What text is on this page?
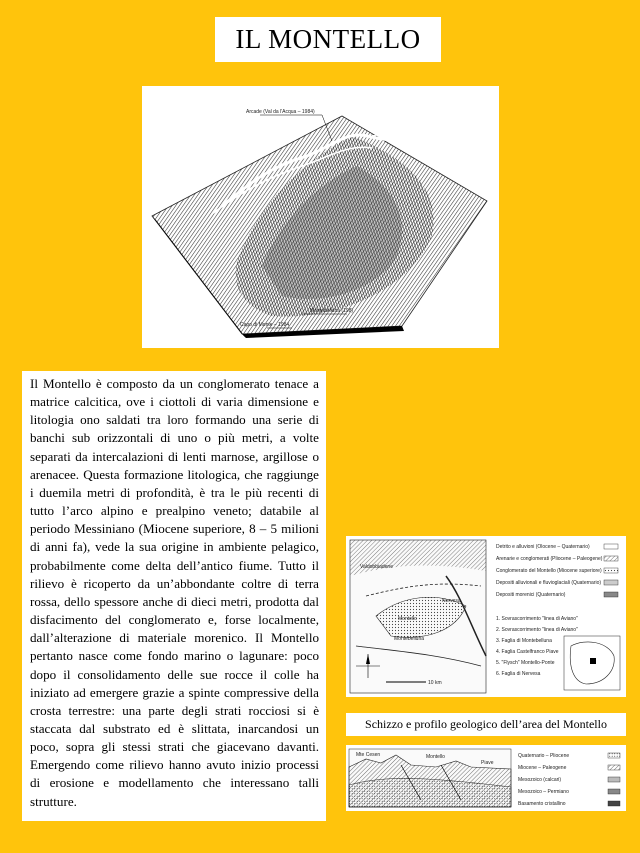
IL MONTELLO
Arcade (Val da l'Acqua – 1984)
Montebelluna (198)
Capo di Monte – 1984
Il Montello è composto da un conglomerato tenace a matrice calcitica, ove i ciottoli di varia dimensione e litologia ono saldati tra loro formando una serie di banchi sub orizzontali di uno o più metri, a volte separati da intercalazioni di lenti marnose, argillose o arenacee. Questa formazione litologica, che raggiunge i duemila metri di profondità, è tra le più recenti di tutto l’arco alpino e prealpino veneto; databile al periodo Messiniano (Miocene superiore, 8 – 5 milioni di anni fa), vede la sua origine in ambiente pelagico, probabilmente come delta dell’antico fiume. Tutto il rilievo è ricoperto da un’abbondante coltre di terra rossa, dello spessore anche di dieci metri, prodotta dal disfacimento del conglomerato e, forse localmente, dall’alterazione di materiale morenico. Il Montello pertanto nasce come fondo marino o lagunare: poco dopo il consolidamento delle sue rocce il colle ha iniziato ad emergere grazie a spinte compressive della crosta terrestre: una parte degli strati rocciosi si è staccata dal substrato ed è slittata, inarcandosi un poco, sopra gli stessi strati che giacevano davanti. Emergendo come rilievo hanno avuto inizio processi di erosione e modellamento che interessano talli strutture.
Valdobbiadene
Nervesa
Montello
Montebelluna
10 km
Detrito e alluvioni (Olocene – Quaternario)
Arenarie e conglomerati (Pliocene – Paleogene)
Conglomerato del Montello (Miocene superiore)
Depositi alluvionali e fluvioglaciali (Quaternario)
Depositi morenici (Quaternario)
1. Sovrascorrimento "linea di Aviano"
2. Sovrascorrimento "linea di Aviano"
3. Faglia di Montebelluna
4. Faglia Castelfranco Piave
5. "Flysch" Montello-Ponte
6. Faglia di Nervesa
Schizzo e profilo geologico dell’area del Montello
Mte Cesen	Montello
Piave
Quaternario – Pliocene
Miocene – Paleogene
Mesozoico (calcari)
Mesozoico – Permiano
Basamento cristallino
